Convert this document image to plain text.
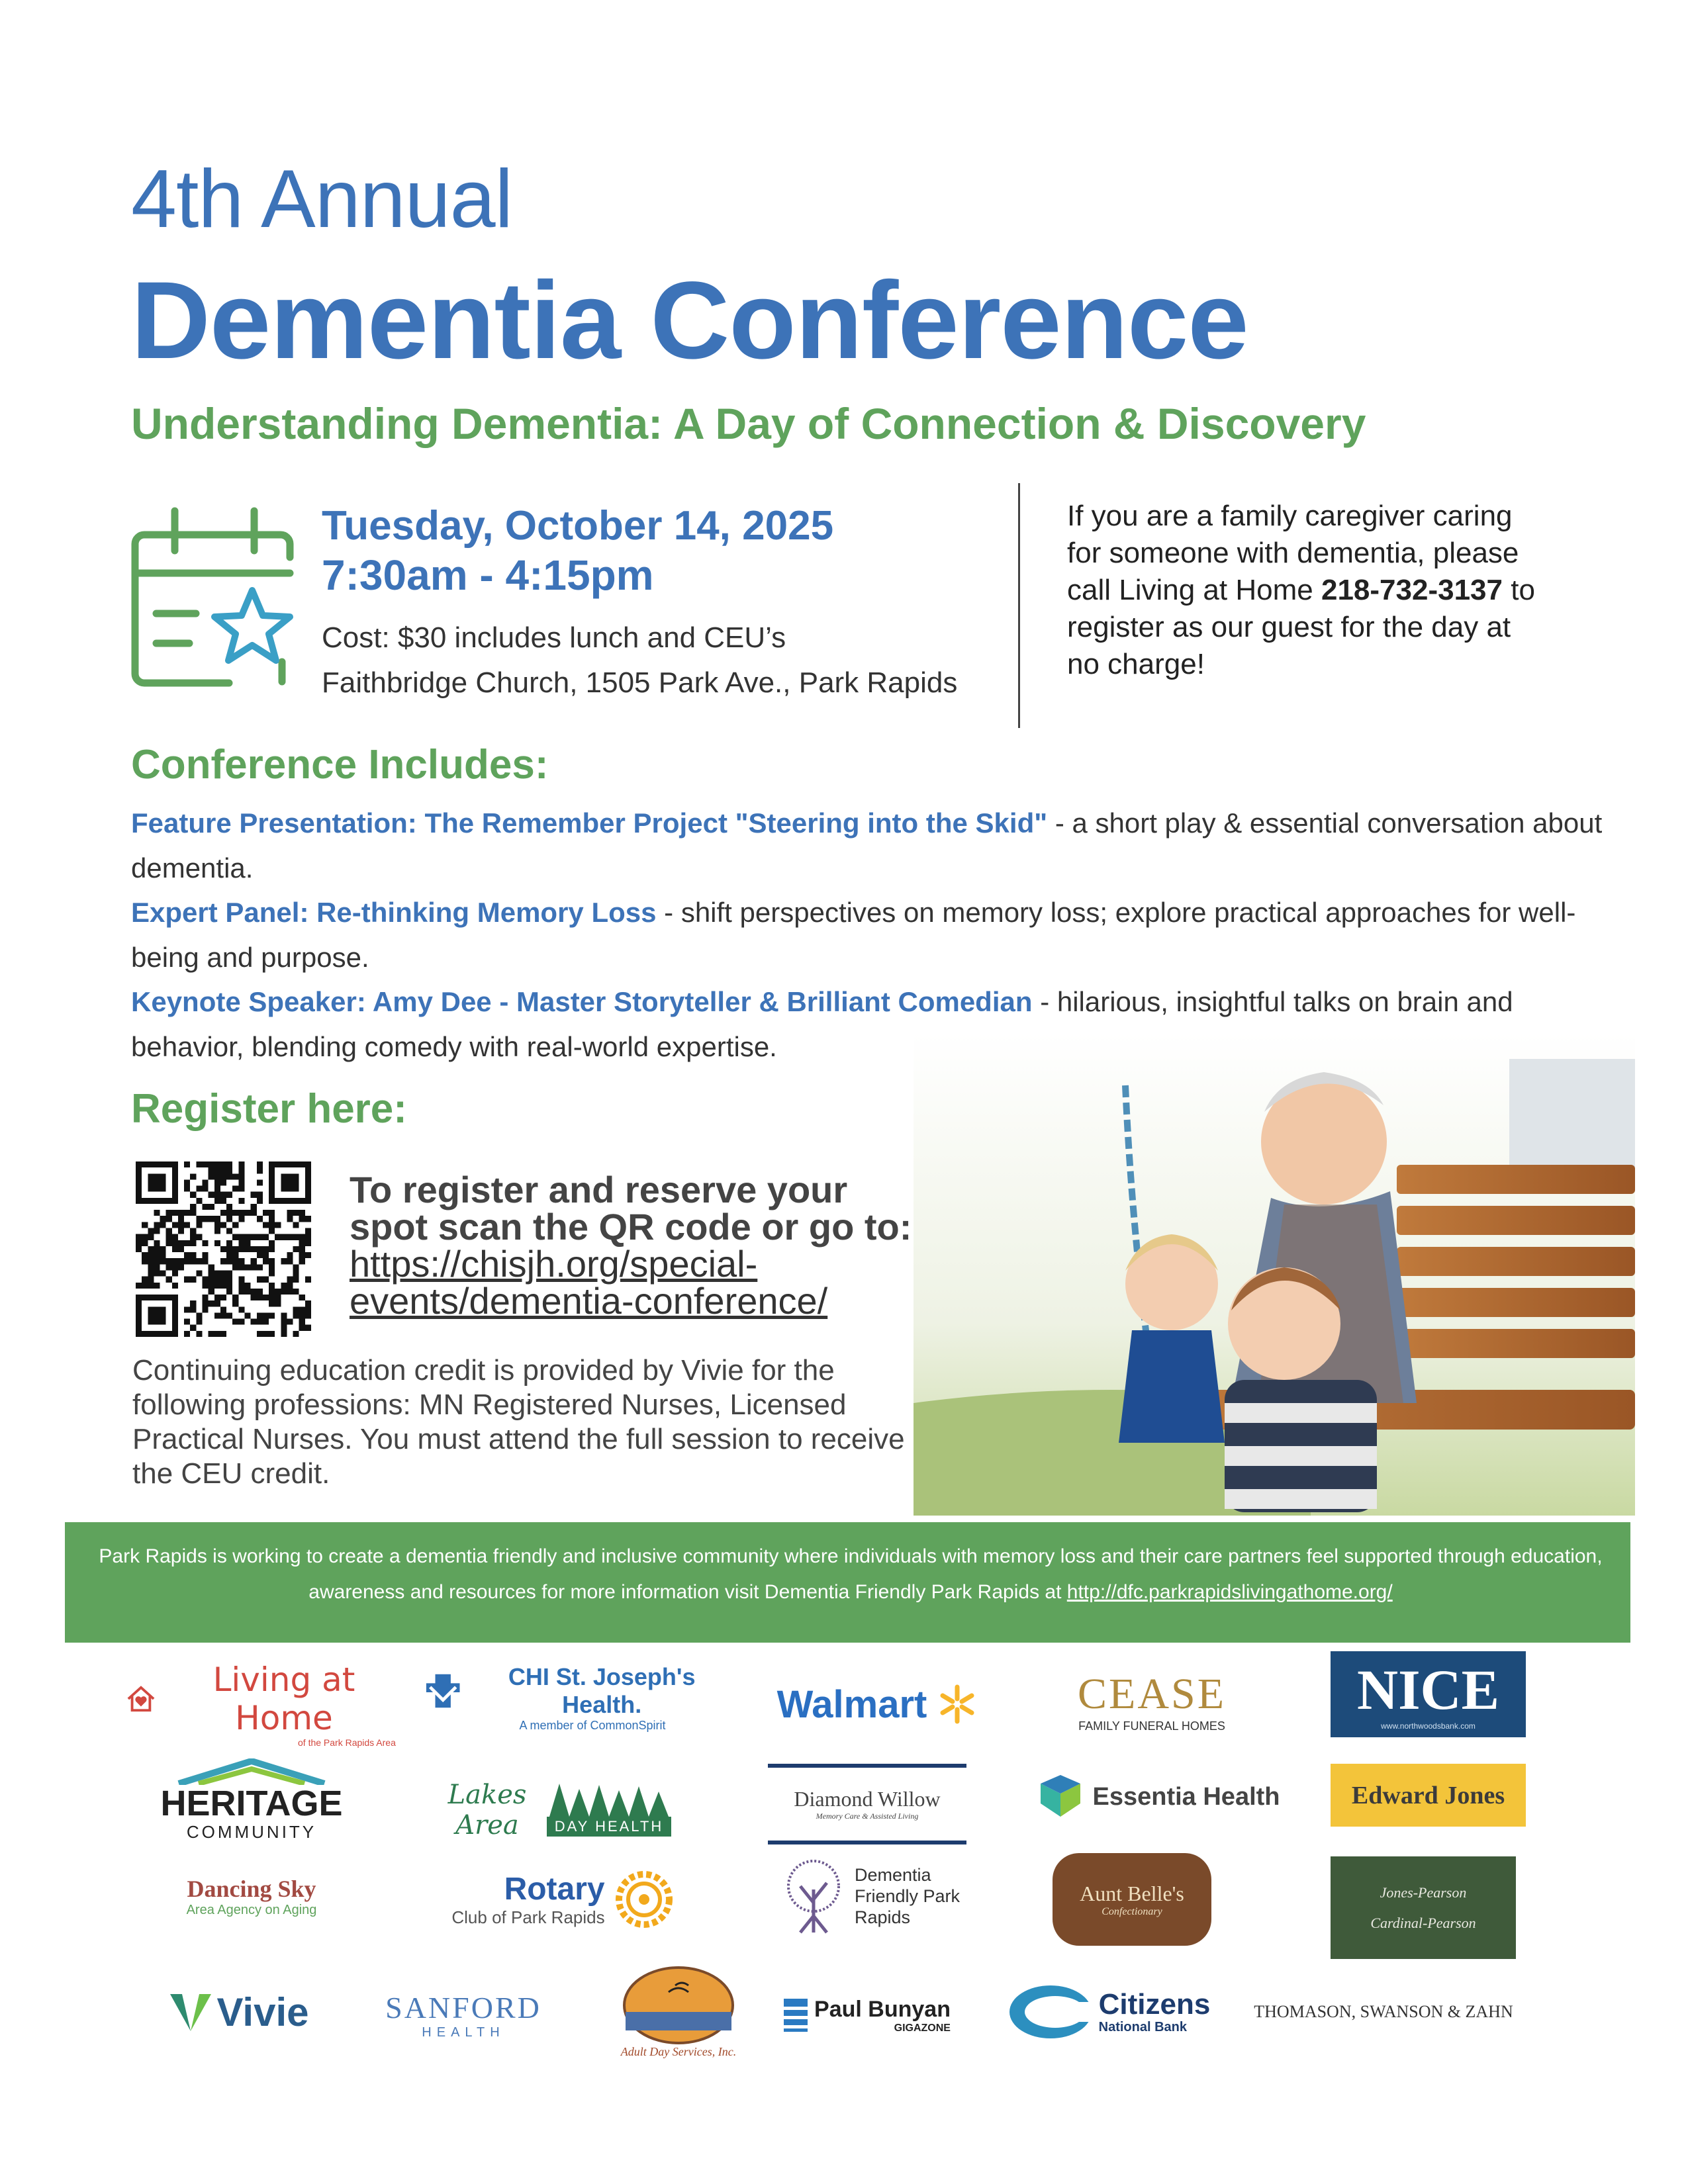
4th Annual
Dementia Conference
Understanding Dementia: A Day of Connection & Discovery
Tuesday, October 14, 2025
7:30am - 4:15pm
Cost: $30 includes lunch and CEU’s
Faithbridge Church, 1505 Park Ave., Park Rapids
If you are a family caregiver caring for someone with dementia, please call Living at Home 218-732-3137 to register as our guest for the day at no charge!
Conference Includes:
Feature Presentation: The Remember Project "Steering into the Skid" - a short play & essential conversation about dementia.
Expert Panel: Re-thinking Memory Loss - shift perspectives on memory loss; explore practical approaches for well-being and purpose.
Keynote Speaker: Amy Dee - Master Storyteller & Brilliant Comedian - hilarious, insightful talks on brain and behavior, blending comedy with real-world expertise.
Register here:
To register and reserve your spot scan the QR code or go to: https://chisjh.org/special-events/dementia-conference/
Continuing education credit is provided by Vivie for the following professions: MN Registered Nurses, Licensed Practical Nurses. You must attend the full session to receive the CEU credit.
Park Rapids is working to create a dementia friendly and inclusive community where individuals with memory loss and their care partners feel supported through education, awareness and resources for more information visit Dementia Friendly Park Rapids at http://dfc.parkrapidslivingathome.org/
Living at Home
of the Park Rapids Area
CHI St. Joseph's Health.
A member of CommonSpirit	Walmart	CEASE
FAMILY FUNERAL HOMES
NICE
www.northwoodsbank.com
HERITAGE
COMMUNITY
Lakes Area	DAY HEALTH
Diamond Willow
Memory Care & Assisted Living
Essentia Health	Edward Jones
Dancing Sky
Area Agency on Aging
Rotary
Club of Park Rapids
Dementia Friendly Park Rapids
Aunt Belle's
Confectionary
Jones-Pearson
Cardinal-Pearson
Vivie	SANFORD
HEALTH
Adult Day Services, Inc.
Paul Bunyan
GIGAZONE
Citizens
National Bank
THOMASON, SWANSON & ZAHN
